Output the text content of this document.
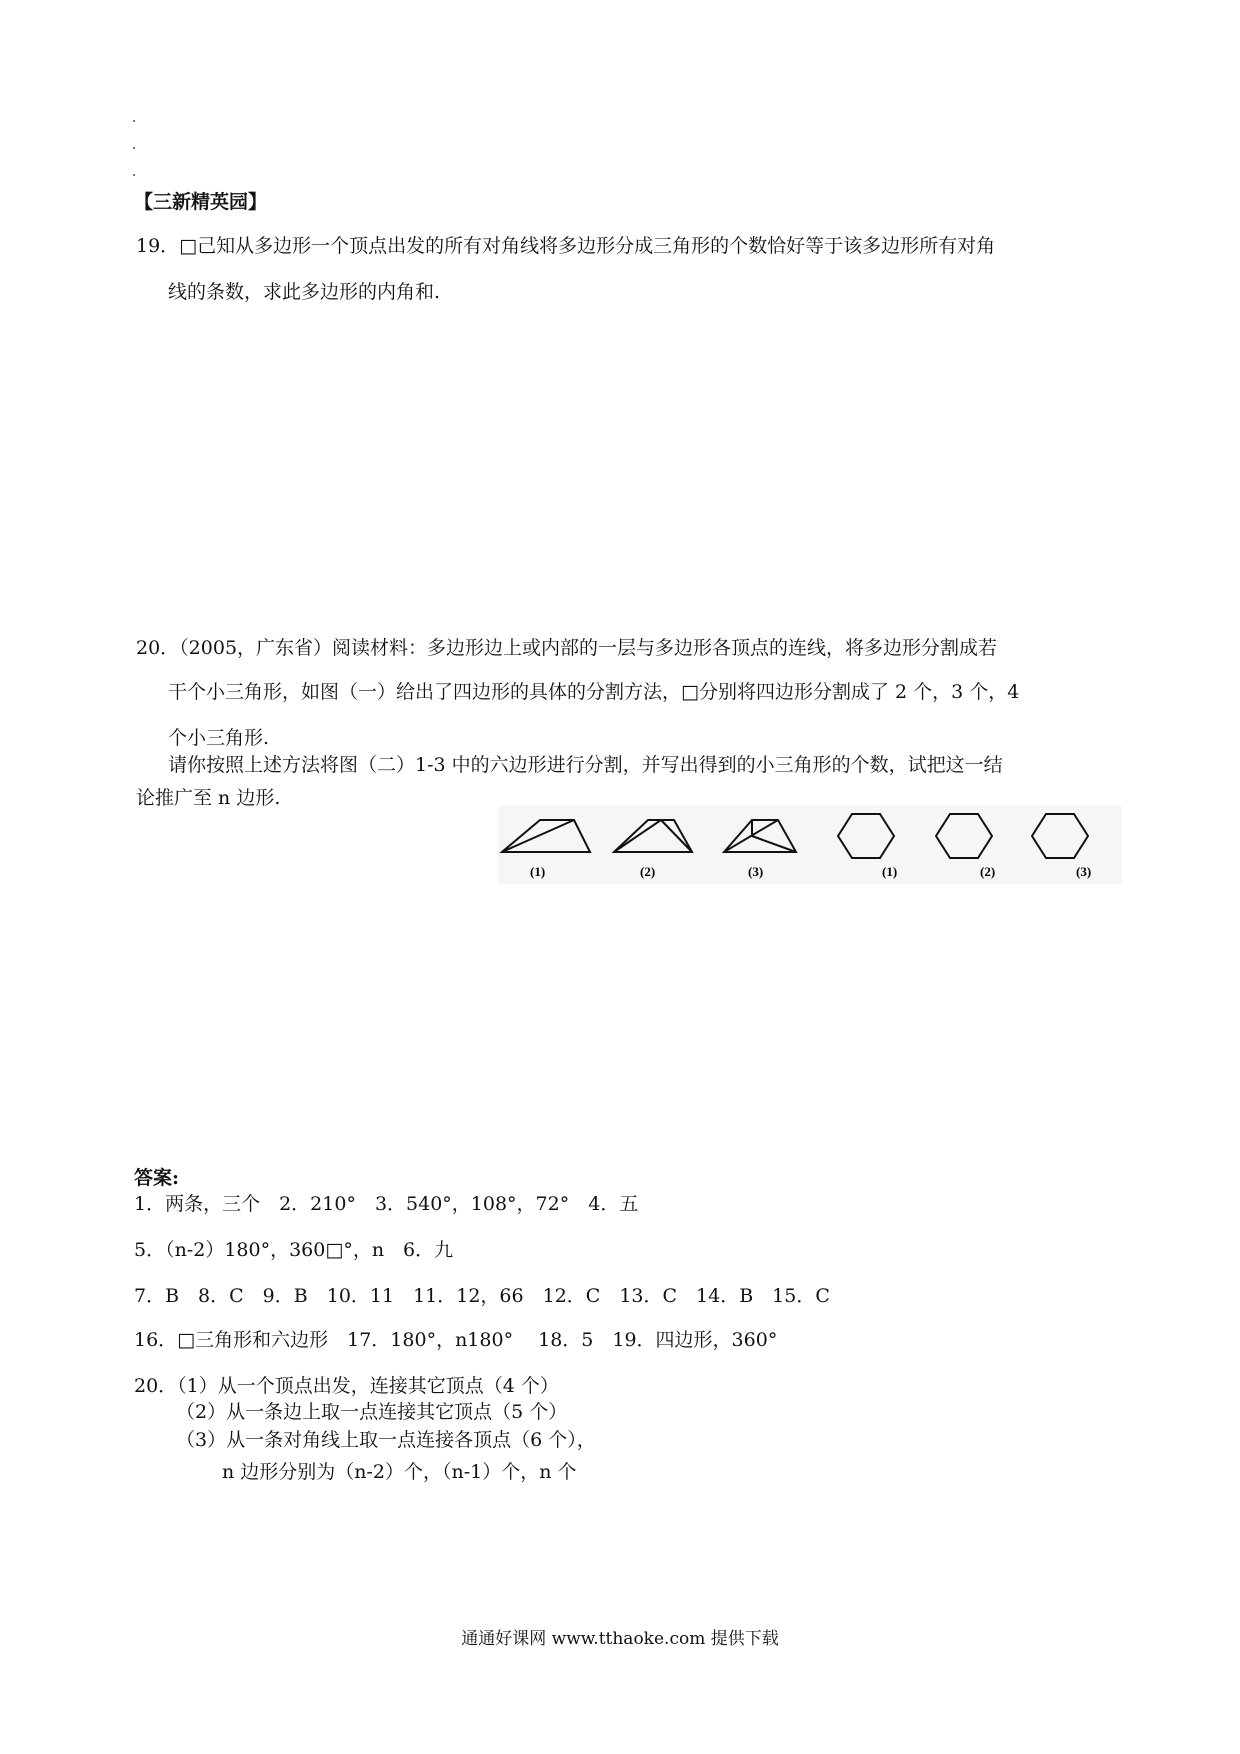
【三新精英园】
19．□己知从多边形一个顶点出发的所有对角线将多边形分成三角形的个数恰好等于该多边形所有对角
线的条数，求此多边形的内角和.
20．（2005，广东省）阅读材料：多边形边上或内部的一层与多边形各顶点的连线，将多边形分割成若
干个小三角形，如图（一）给出了四边形的具体的分割方法，□分别将四边形分割成了 2 个，3 个，4
个小三角形.
请你按照上述方法将图（二）1-3 中的六边形进行分割，并写出得到的小三角形的个数，试把这一结
论推广至 n 边形.
(1)	(2)	(3)	(1)	(2)	(3)
答案:
1．两条，三个　2．210°　3．540°，108°，72°　4．五
5．（n-2）180°，360□°，n　6．九
7．B　8．C　9．B　10．11　11．12，66　12．C　13．C　14．B　15．C
16．□三角形和六边形　17．180°，n180°　 18．5　19．四边形，360°
20．（1）从一个顶点出发，连接其它顶点（4 个）
（2）从一条边上取一点连接其它顶点（5 个）
（3）从一条对角线上取一点连接各顶点（6 个），
n 边形分别为（n-2）个，（n-1）个，n 个
通通好课网 www.tthaoke.com 提供下载
